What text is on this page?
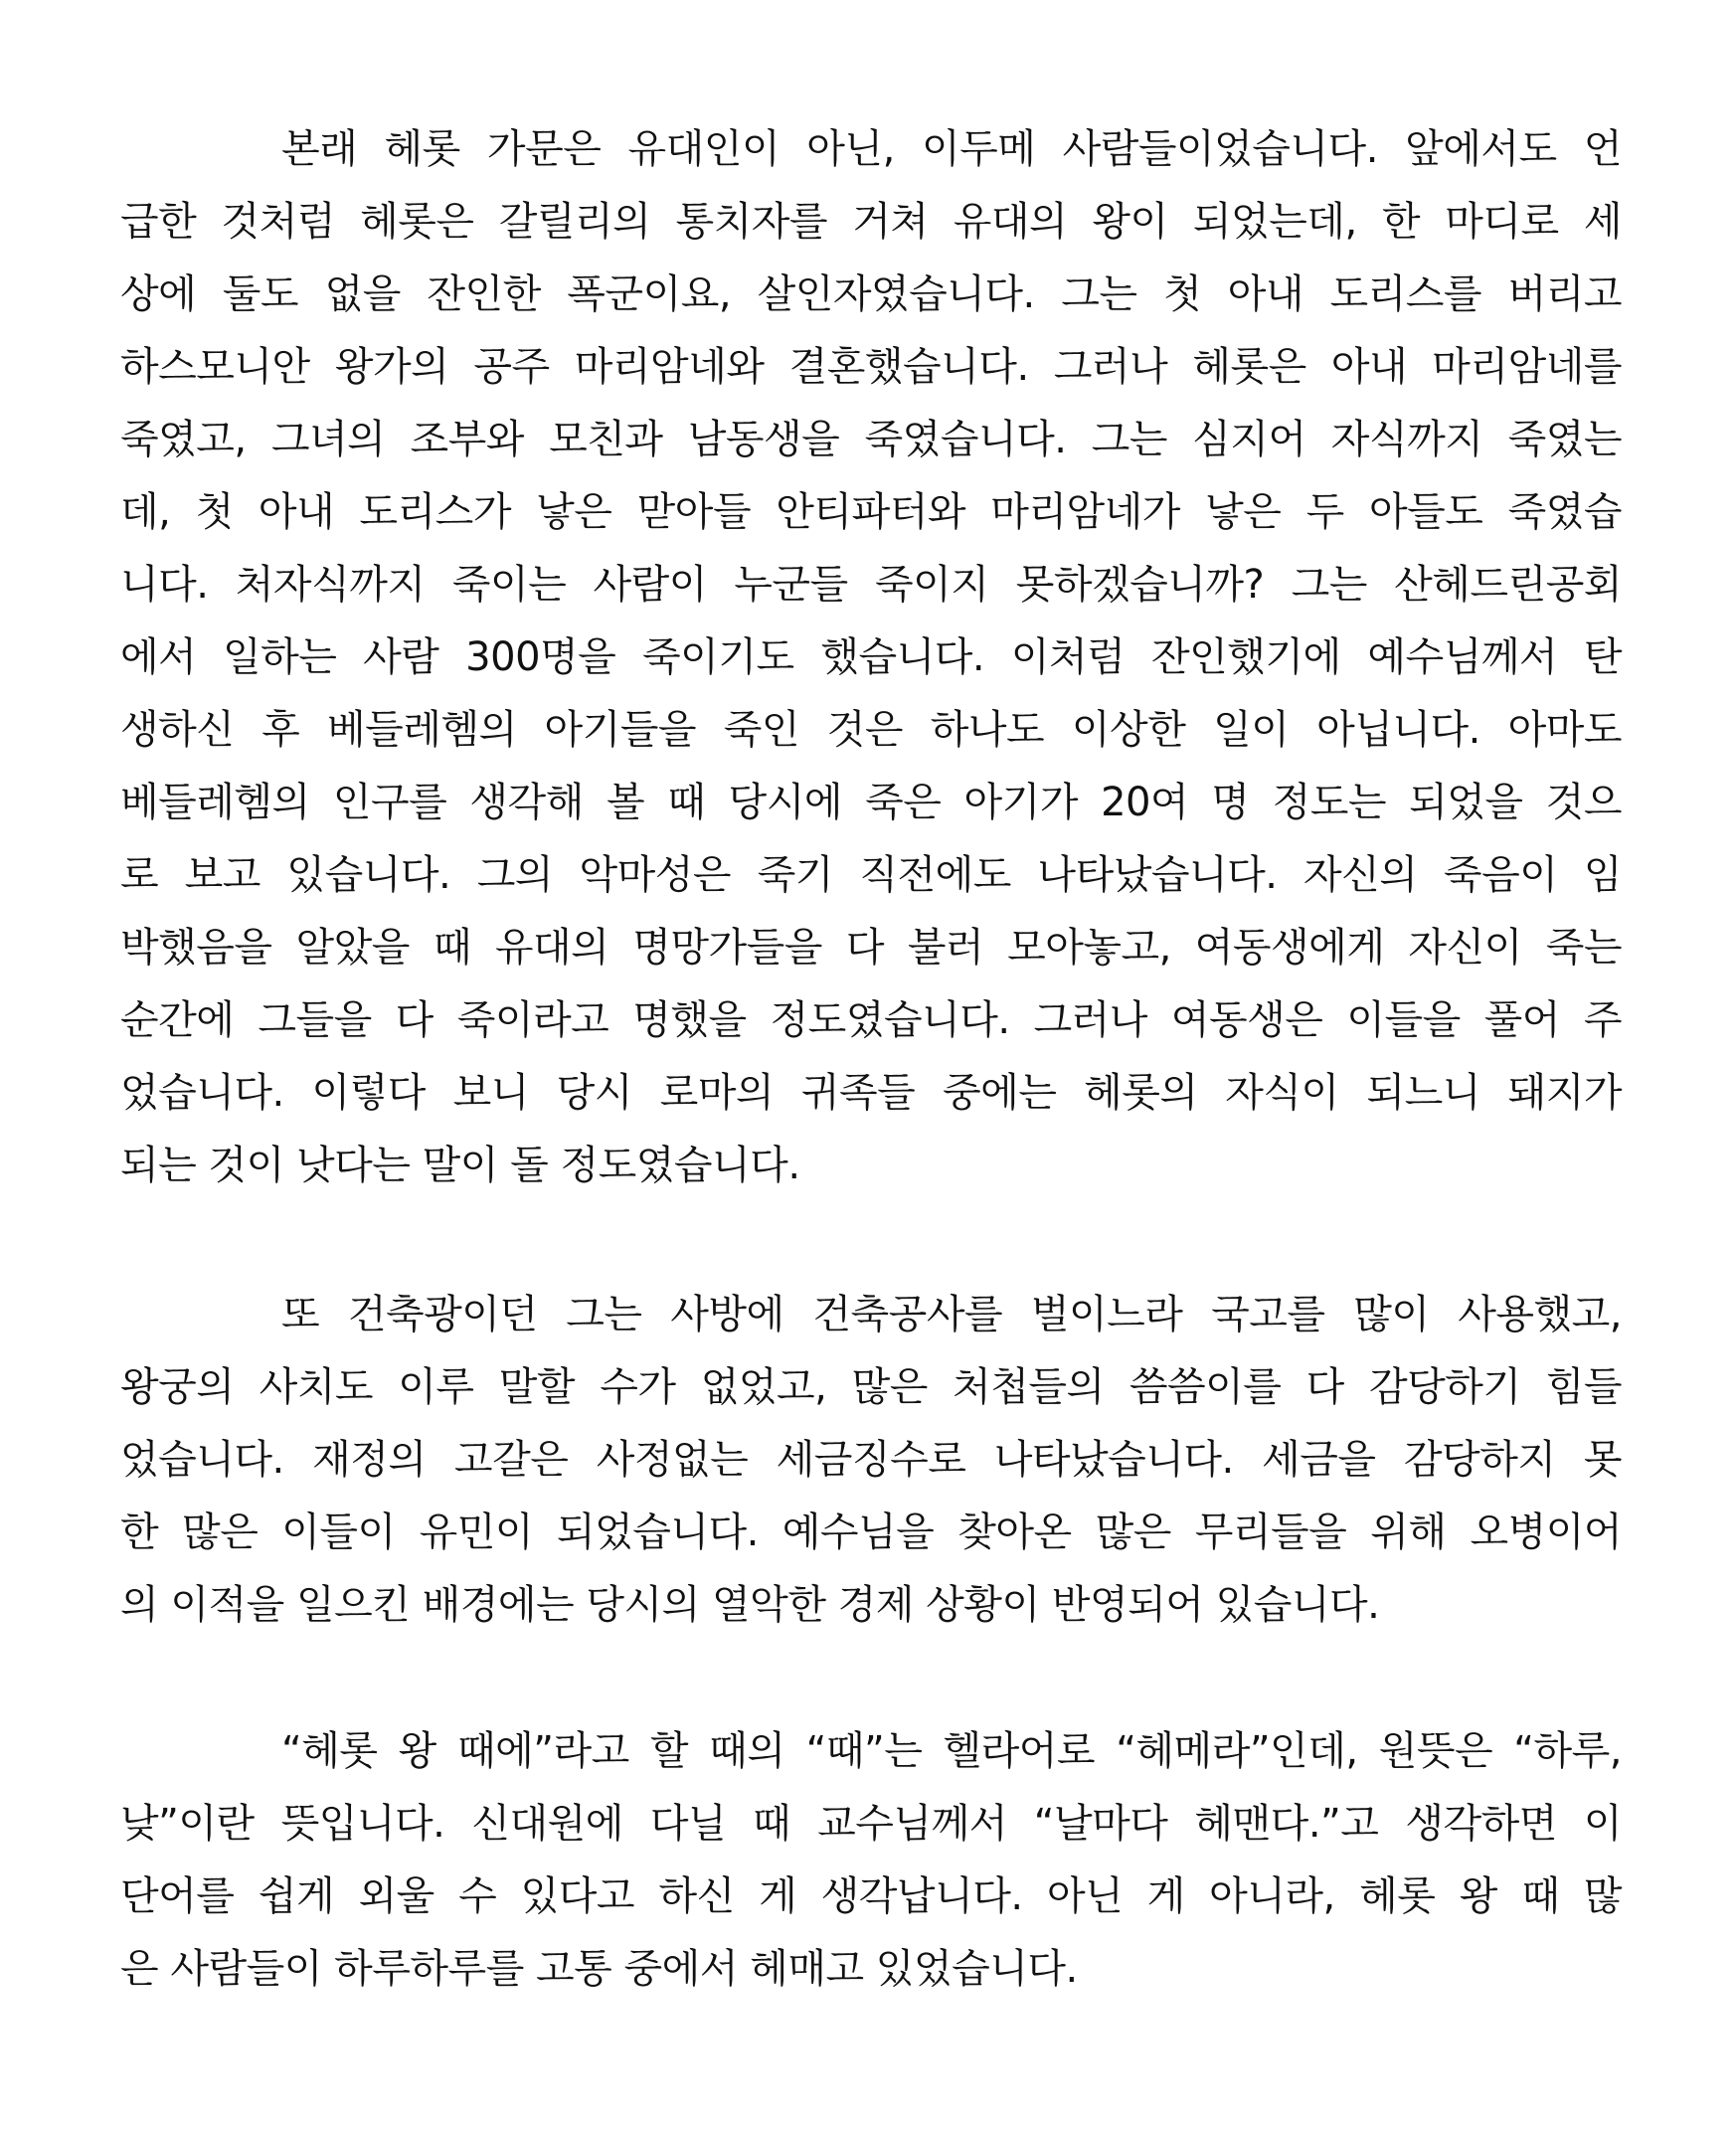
본래 헤롯 가문은 유대인이 아닌, 이두메 사람들이었습니다. 앞에서도 언
급한 것처럼 헤롯은 갈릴리의 통치자를 거쳐 유대의 왕이 되었는데, 한 마디로 세
상에 둘도 없을 잔인한 폭군이요, 살인자였습니다. 그는 첫 아내 도리스를 버리고
하스모니안 왕가의 공주 마리암네와 결혼했습니다. 그러나 헤롯은 아내 마리암네를
죽였고, 그녀의 조부와 모친과 남동생을 죽였습니다. 그는 심지어 자식까지 죽였는
데, 첫 아내 도리스가 낳은 맏아들 안티파터와 마리암네가 낳은 두 아들도 죽였습
니다. 처자식까지 죽이는 사람이 누군들 죽이지 못하겠습니까? 그는 산헤드린공회
에서 일하는 사람 300명을 죽이기도 했습니다. 이처럼 잔인했기에 예수님께서 탄
생하신 후 베들레헴의 아기들을 죽인 것은 하나도 이상한 일이 아닙니다. 아마도
베들레헴의 인구를 생각해 볼 때 당시에 죽은 아기가 20여 명 정도는 되었을 것으
로 보고 있습니다. 그의 악마성은 죽기 직전에도 나타났습니다. 자신의 죽음이 임
박했음을 알았을 때 유대의 명망가들을 다 불러 모아놓고, 여동생에게 자신이 죽는
순간에 그들을 다 죽이라고 명했을 정도였습니다. 그러나 여동생은 이들을 풀어 주
었습니다. 이렇다 보니 당시 로마의 귀족들 중에는 헤롯의 자식이 되느니 돼지가
되는 것이 낫다는 말이 돌 정도였습니다.
또 건축광이던 그는 사방에 건축공사를 벌이느라 국고를 많이 사용했고,
왕궁의 사치도 이루 말할 수가 없었고, 많은 처첩들의 씀씀이를 다 감당하기 힘들
었습니다. 재정의 고갈은 사정없는 세금징수로 나타났습니다. 세금을 감당하지 못
한 많은 이들이 유민이 되었습니다. 예수님을 찾아온 많은 무리들을 위해 오병이어
의 이적을 일으킨 배경에는 당시의 열악한 경제 상황이 반영되어 있습니다.
“헤롯 왕 때에”라고 할 때의 “때”는 헬라어로 “헤메라”인데, 원뜻은 “하루,
낮”이란 뜻입니다. 신대원에 다닐 때 교수님께서 “날마다 헤맨다.”고 생각하면 이
단어를 쉽게 외울 수 있다고 하신 게 생각납니다. 아닌 게 아니라, 헤롯 왕 때 많
은 사람들이 하루하루를 고통 중에서 헤매고 있었습니다.
